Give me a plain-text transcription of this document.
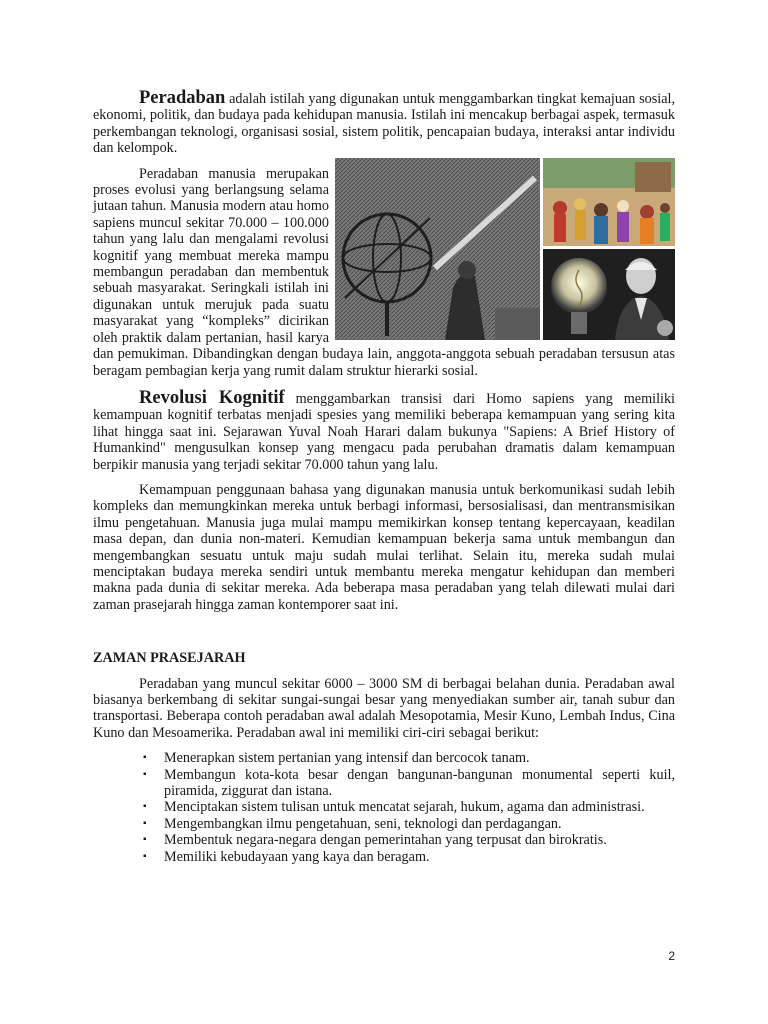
Peradaban adalah istilah yang digunakan untuk menggambarkan tingkat kemajuan sosial, ekonomi, politik, dan budaya pada kehidupan manusia. Istilah ini mencakup berbagai aspek, termasuk perkembangan teknologi, organisasi sosial, sistem politik, pencapaian budaya, interaksi antar individu dan kelompok.

Peradaban manusia merupakan proses evolusi yang berlangsung selama jutaan tahun. Manusia modern atau homo sapiens muncul sekitar 70.000 – 100.000 tahun yang lalu dan mengalami revolusi kognitif yang membuat mereka mampu membangun peradaban dan membentuk sebuah masyarakat. Seringkali istilah ini digunakan untuk merujuk pada suatu masyarakat yang “kompleks” dicirikan oleh praktik dalam pertanian, hasil karya dan pemukiman. Dibandingkan dengan budaya lain, anggota-anggota sebuah peradaban tersusun atas beragam pembagian kerja yang rumit dalam struktur hierarki sosial.

Revolusi Kognitif menggambarkan transisi dari Homo sapiens yang memiliki kemampuan kognitif terbatas menjadi spesies yang memiliki beberapa kemampuan yang sering kita lihat hingga saat ini. Sejarawan Yuval Noah Harari dalam bukunya "Sapiens: A Brief History of Humankind" mengusulkan konsep yang mengacu pada perubahan dramatis dalam kemampuan berpikir manusia yang terjadi sekitar 70.000 tahun yang lalu.

Kemampuan penggunaan bahasa yang digunakan manusia untuk berkomunikasi sudah lebih kompleks dan memungkinkan mereka untuk berbagi informasi, bersosialisasi, dan mentransmisikan ilmu pengetahuan. Manusia juga mulai mampu memikirkan konsep tentang kepercayaan, keadilan masa depan, dan dunia non-materi. Kemudian kemampuan bekerja sama untuk membangun dan mengembangkan sesuatu untuk maju sudah mulai terlihat. Selain itu, mereka sudah mulai menciptakan budaya mereka sendiri untuk membantu mereka mengatur kehidupan dan memberi makna pada dunia di sekitar mereka. Ada beberapa masa peradaban yang telah dilewati mulai dari zaman prasejarah hingga zaman kontemporer saat ini.

ZAMAN PRASEJARAH

Peradaban yang muncul sekitar 6000 – 3000 SM di berbagai belahan dunia. Peradaban awal biasanya berkembang di sekitar sungai-sungai besar yang menyediakan sumber air, tanah subur dan transportasi. Beberapa contoh peradaban awal adalah Mesopotamia, Mesir Kuno, Lembah Indus, Cina Kuno dan Mesoamerika. Peradaban awal ini memiliki ciri-ciri sebagai berikut:

▪ Menerapkan sistem pertanian yang intensif dan bercocok tanam.
▪ Membangun kota-kota besar dengan bangunan-bangunan monumental seperti kuil, piramida, ziggurat dan istana.
▪ Menciptakan sistem tulisan untuk mencatat sejarah, hukum, agama dan administrasi.
▪ Mengembangkan ilmu pengetahuan, seni, teknologi dan perdagangan.
▪ Membentuk negara-negara dengan pemerintahan yang terpusat dan birokratis.
▪ Memiliki kebudayaan yang kaya dan beragam.
2
